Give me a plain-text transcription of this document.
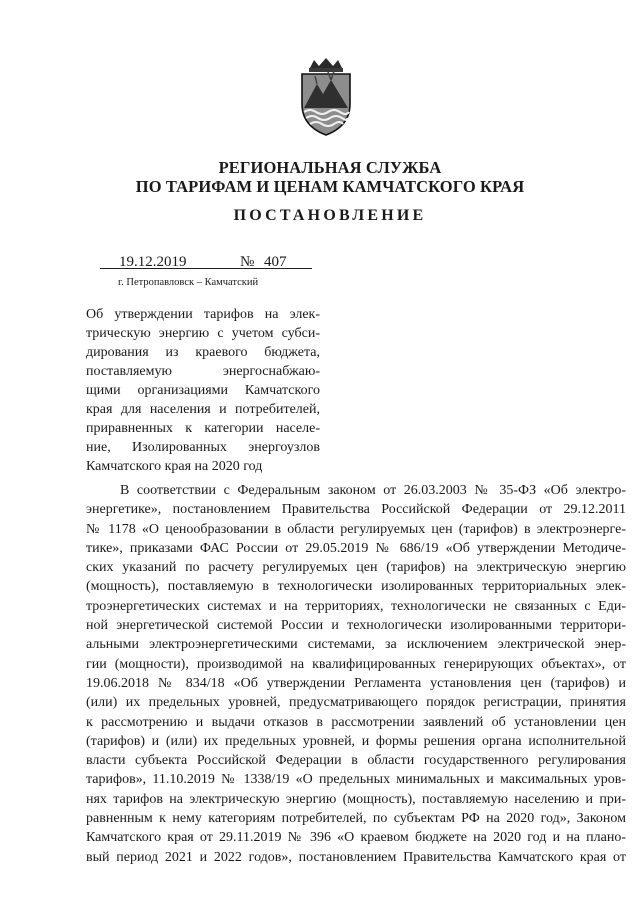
РЕГИОНАЛЬНАЯ СЛУЖБА
ПО ТАРИФАМ И ЦЕНАМ КАМЧАТСКОГО КРАЯ
ПОСТАНОВЛЕНИЕ
19.12.2019	№ 407
г. Петропавловск – Камчатский
Об утверждении тарифов на элек-
трическую энергию с учетом субси-
дирования из краевого бюджета,
поставляемую энергоснабжаю-
щими организациями Камчатского
края для населения и потребителей,
приравненных к категории населе-
ние, Изолированных энергоузлов
Камчатского края на 2020 год
В соответствии с Федеральным законом от 26.03.2003 № 35-ФЗ «Об электро-
энергетике», постановлением Правительства Российской Федерации от 29.12.2011
№ 1178 «О ценообразовании в области регулируемых цен (тарифов) в электроэнерге-
тике», приказами ФАС России от 29.05.2019 № 686/19 «Об утверждении Методиче-
ских указаний по расчету регулируемых цен (тарифов) на электрическую энергию
(мощность), поставляемую в технологически изолированных территориальных элек-
троэнергетических системах и на территориях, технологически не связанных с Еди-
ной энергетической системой России и технологически изолированными территори-
альными электроэнергетическими системами, за исключением электрической энер-
гии (мощности), производимой на квалифицированных генерирующих объектах», от
19.06.2018 № 834/18 «Об утверждении Регламента установления цен (тарифов) и
(или) их предельных уровней, предусматривающего порядок регистрации, принятия
к рассмотрению и выдачи отказов в рассмотрении заявлений об установлении цен
(тарифов) и (или) их предельных уровней, и формы решения органа исполнительной
власти субъекта Российской Федерации в области государственного регулирования
тарифов», 11.10.2019 № 1338/19 «О предельных минимальных и максимальных уров-
нях тарифов на электрическую энергию (мощность), поставляемую населению и при-
равненным к нему категориям потребителей, по субъектам РФ на 2020 год», Законом
Камчатского края от 29.11.2019 № 396 «О краевом бюджете на 2020 год и на плано-
вый период 2021 и 2022 годов», постановлением Правительства Камчатского края от
